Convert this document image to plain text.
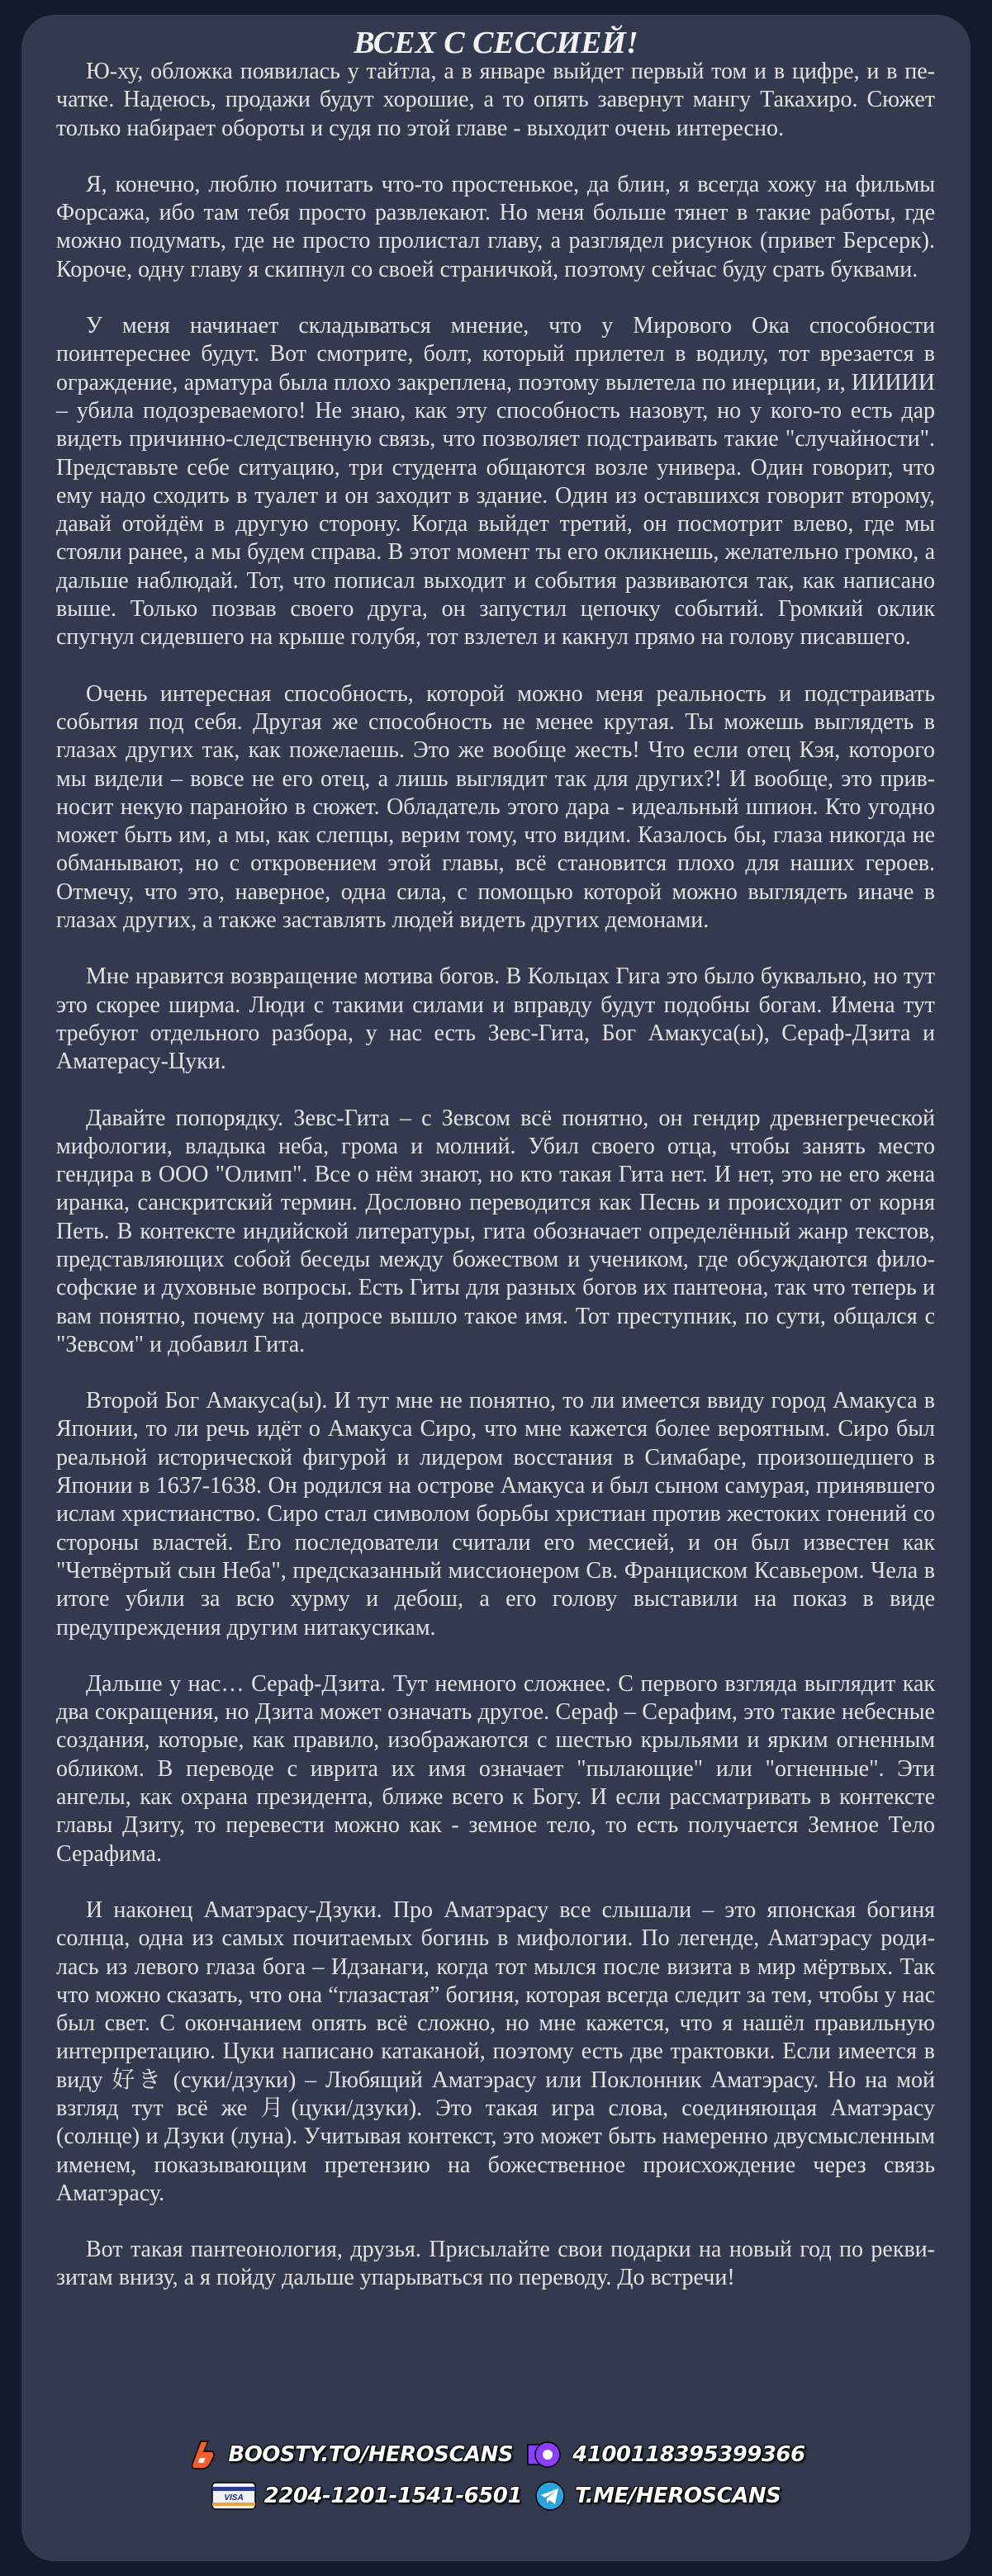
ВСЕХ С СЕССИЕЙ!

Ю-ху, обложка появилась у тайтла, а в январе выйдет первый том и в цифре, и в печатке. Надеюсь, продажи будут хорошие, а то опять завернут мангу Такахиро. Сюжет только набирает обороты и судя по этой главе - выходит очень интересно.

Я, конечно, люблю почитать что-то простенькое, да блин, я всегда хожу на фильмы Форсажа, ибо там тебя просто развлекают. Но меня больше тянет в такие работы, где можно подумать, где не просто пролистал главу, а разглядел рисунок (привет Берсерк). Короче, одну главу я скипнул со своей страничкой, поэтому сейчас буду срать буквами.

У меня начинает складываться мнение, что у Мирового Ока способности поинтереснее будут. Вот смотрите, болт, который прилетел в водилу, тот врезается в ограждение, арматура была плохо закреплена, поэтому вылетела по инерции, и, ИИИИИ – убила подозреваемого! Не знаю, как эту способность назовут, но у кого-то есть дар видеть причинно-следственную связь, что позволяет подстраивать такие "случайности". Представьте себе ситуацию, три студента общаются возле универа. Один говорит, что ему надо сходить в туалет и он заходит в здание. Один из оставшихся говорит второму, давай отойдём в другую сторону. Когда выйдет третий, он посмотрит влево, где мы стояли ранее, а мы будем справа. В этот момент ты его окликнешь, желательно громко, а дальше наблюдай. Тот, что пописал выходит и события развиваются так, как написано выше. Только позвав своего друга, он запустил цепочку событий. Громкий оклик спугнул сидевшего на крыше голубя, тот взлетел и какнул прямо на голову писавшего.

Очень интересная способность, которой можно меня реальность и подстраивать события под себя. Другая же способность не менее крутая. Ты можешь выглядеть в глазах других так, как пожелаешь. Это же вообще жесть! Что если отец Кэя, которого мы видели – вовсе не его отец, а лишь выглядит так для других?! И вообще, это привносит некую паранойю в сюжет. Обладатель этого дара - идеальный шпион. Кто угодно может быть им, а мы, как слепцы, верим тому, что видим. Казалось бы, глаза никогда не обманывают, но с откровением этой главы, всё становится плохо для наших героев. Отмечу, что это, наверное, одна сила, с помощью которой можно выглядеть иначе в глазах других, а также заставлять людей видеть других демонами.

Мне нравится возвращение мотива богов. В Кольцах Гига это было буквально, но тут это скорее ширма. Люди с такими силами и вправду будут подобны богам. Имена тут требуют отдельного разбора, у нас есть Зевс-Гита, Бог Амакуса(ы), Сераф-Дзита и Аматерасу-Цуки.

Давайте попорядку. Зевс-Гита – с Зевсом всё понятно, он гендир древнегреческой мифологии, владыка неба, грома и молний. Убил своего отца, чтобы занять место гендира в ООО "Олимп". Все о нём знают, но кто такая Гита нет. И нет, это не его жена иранка, санскритский термин. Дословно переводится как Песнь и происходит от корня Петь. В контексте индийской литературы, гита обозначает определённый жанр текстов, представляющих собой беседы между божеством и учеником, где обсуждаются философские и духовные вопросы. Есть Гиты для разных богов их пантеона, так что теперь и вам понятно, почему на допросе вышло такое имя. Тот преступник, по сути, общался с "Зевсом" и добавил Гита.

Второй Бог Амакуса(ы). И тут мне не понятно, то ли имеется ввиду город Амакуса в Японии, то ли речь идёт о Амакуса Сиро, что мне кажется более вероятным. Сиро был реальной исторической фигурой и лидером восстания в Симабаре, произошедшего в Японии в 1637-1638. Он родился на острове Амакуса и был сыном самурая, принявшего ислам христианство. Сиро стал символом борьбы христиан против жестоких гонений со стороны властей. Его последователи считали его мессией, и он был известен как "Четвёртый сын Неба", предсказанный миссионером Св. Франциском Ксавьером. Чела в итоге убили за всю хурму и дебош, а его голову выставили на показ в виде предупреждения другим нитакусикам.

Дальше у нас… Сераф-Дзита. Тут немного сложнее. С первого взгляда выглядит как два сокращения, но Дзита может означать другое. Сераф – Серафим, это такие небесные создания, которые, как правило, изображаются с шестью крыльями и ярким огненным обликом. В переводе с иврита их имя означает "пылающие" или "огненные". Эти ангелы, как охрана президента, ближе всего к Богу. И если рассматривать в контексте главы Дзиту, то перевести можно как - земное тело, то есть получается Земное Тело Серафима.

И наконец Аматэрасу-Дзуки. Про Аматэрасу все слышали – это японская богиня солнца, одна из самых почитаемых богинь в мифологии. По легенде, Аматэрасу родилась из левого глаза бога – Идзанаги, когда тот мылся после визита в мир мёртвых. Так что можно сказать, что она “глазастая” богиня, которая всегда следит за тем, чтобы у нас был свет. С окончанием опять всё сложно, но мне кажется, что я нашёл правильную интерпретацию. Цуки написано катаканой, поэтому есть две трактовки. Если имеется в виду 好き (суки/дзуки) – Любящий Аматэрасу или Поклонник Аматэрасу. Но на мой взгляд тут всё же 月(цуки/дзуки). Это такая игра слова, соединяющая Аматэрасу (солнце) и Дзуки (луна). Учитывая контекст, это может быть намеренно двусмысленным именем, показывающим претензию на божественное происхождение через связь Аматэрасу.

Вот такая пантеонология, друзья. Присылайте свои подарки на новый год по реквизитам внизу, а я пойду дальше упарываться по переводу. До встречи!

BOOSTY.TO/HEROSCANS	4100118395399366
VISA 2204-1201-1541-6501 T.ME/HEROSCANS
